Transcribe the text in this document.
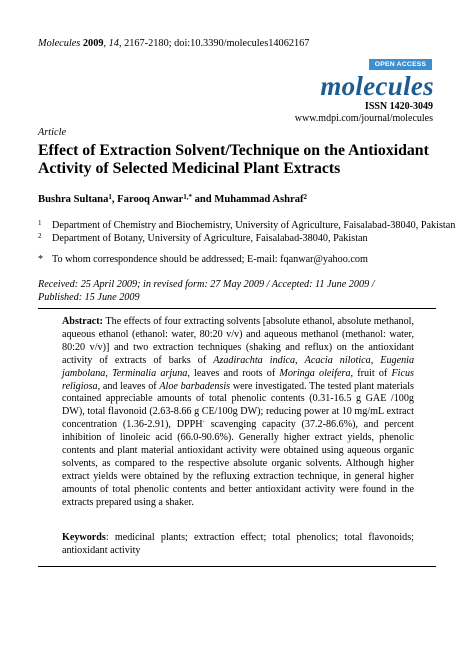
Molecules 2009, 14, 2167-2180; doi:10.3390/molecules14062167
OPEN ACCESS
molecules
ISSN 1420-3049
www.mdpi.com/journal/molecules
Article
Effect of Extraction Solvent/Technique on the Antioxidant Activity of Selected Medicinal Plant Extracts
Bushra Sultana$^1$, Farooq Anwar$^{1,*}$ and Muhammad Ashraf$^2$
1 Department of Chemistry and Biochemistry, University of Agriculture, Faisalabad-38040, Pakistan
2 Department of Botany, University of Agriculture, Faisalabad-38040, Pakistan
* To whom correspondence should be addressed; E-mail: fqanwar@yahoo.com
Received: 25 April 2009; in revised form: 27 May 2009 / Accepted: 11 June 2009 /
Published: 15 June 2009
Abstract: The effects of four extracting solvents [absolute ethanol, absolute methanol, aqueous ethanol (ethanol: water, 80:20 v/v) and aqueous methanol (methanol: water, 80:20 v/v)] and two extraction techniques (shaking and reflux) on the antioxidant activity of extracts of barks of Azadirachta indica, Acacia nilotica, Eugenia jambolana, Terminalia arjuna, leaves and roots of Moringa oleifera, fruit of Ficus religiosa, and leaves of Aloe barbadensis were investigated. The tested plant materials contained appreciable amounts of total phenolic contents (0.31-16.5 g GAE /100g DW), total flavonoid (2.63-8.66 g CE/100g DW); reducing power at 10 mg/mL extract concentration (1.36-2.91), DPPH· scavenging capacity (37.2-86.6%), and percent inhibition of linoleic acid (66.0-90.6%). Generally higher extract yields, phenolic contents and plant material antioxidant activity were obtained using aqueous organic solvents, as compared to the respective absolute organic solvents. Although higher extract yields were obtained by the refluxing extraction technique, in general higher amounts of total phenolic contents and better antioxidant activity were found in the extracts prepared using a shaker.
Keywords: medicinal plants; extraction effect; total phenolics; total flavonoids; antioxidant activity
